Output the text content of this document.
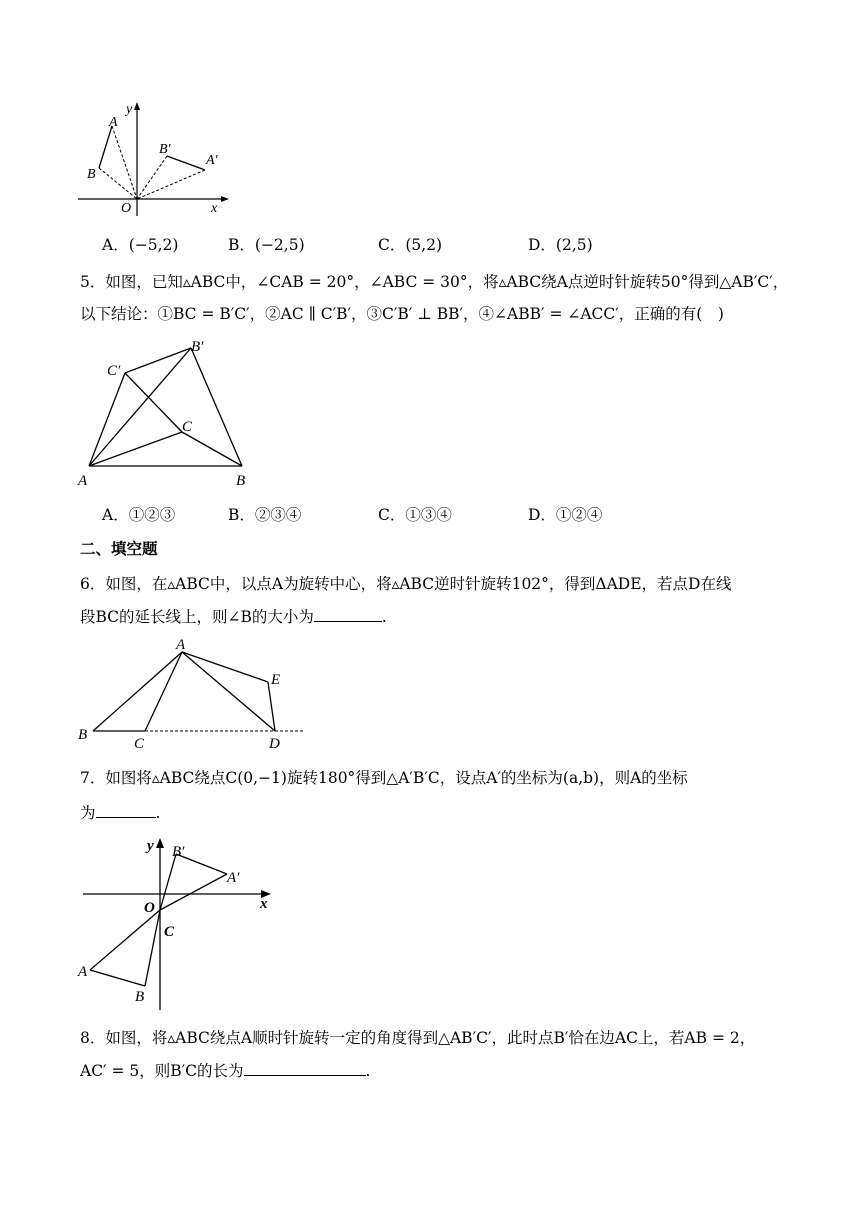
y
x
O
A
B
B′
A′
A．(−5,2)	B．(−2,5)	C．(5,2)	D．(2,5)
5．如图，已知▵ABC中，∠CAB = 20°，∠ABC = 30°，将▵ABC绕A点逆时针旋转50°得到△AB′C′，
以下结论：①BC = B′C′，②AC ∥ C′B′，③C′B′ ⊥ BB′，④∠ABB′ = ∠ACC′，正确的有(　)
C′
B′
C
A	B
A．①②③	B．②③④	C．①③④	D．①②④
二、填空题
6．如图，在▵ABC中，以点A为旋转中心，将▵ABC逆时针旋转102°，得到ΔADE，若点D在线
段BC的延长线上，则∠B的大小为	.
A
E
B
C	D
7．如图将▵ABC绕点C(0,−1)旋转180°得到△A′B′C，设点A′的坐标为(a,b)，则A的坐标
为	.
y B′
A′
x
O
C
A
B
8．如图，将▵ABC绕点A顺时针旋转一定的角度得到△AB′C′，此时点B′恰在边AC上，若AB = 2，
AC′ = 5，则B′C的长为	.
